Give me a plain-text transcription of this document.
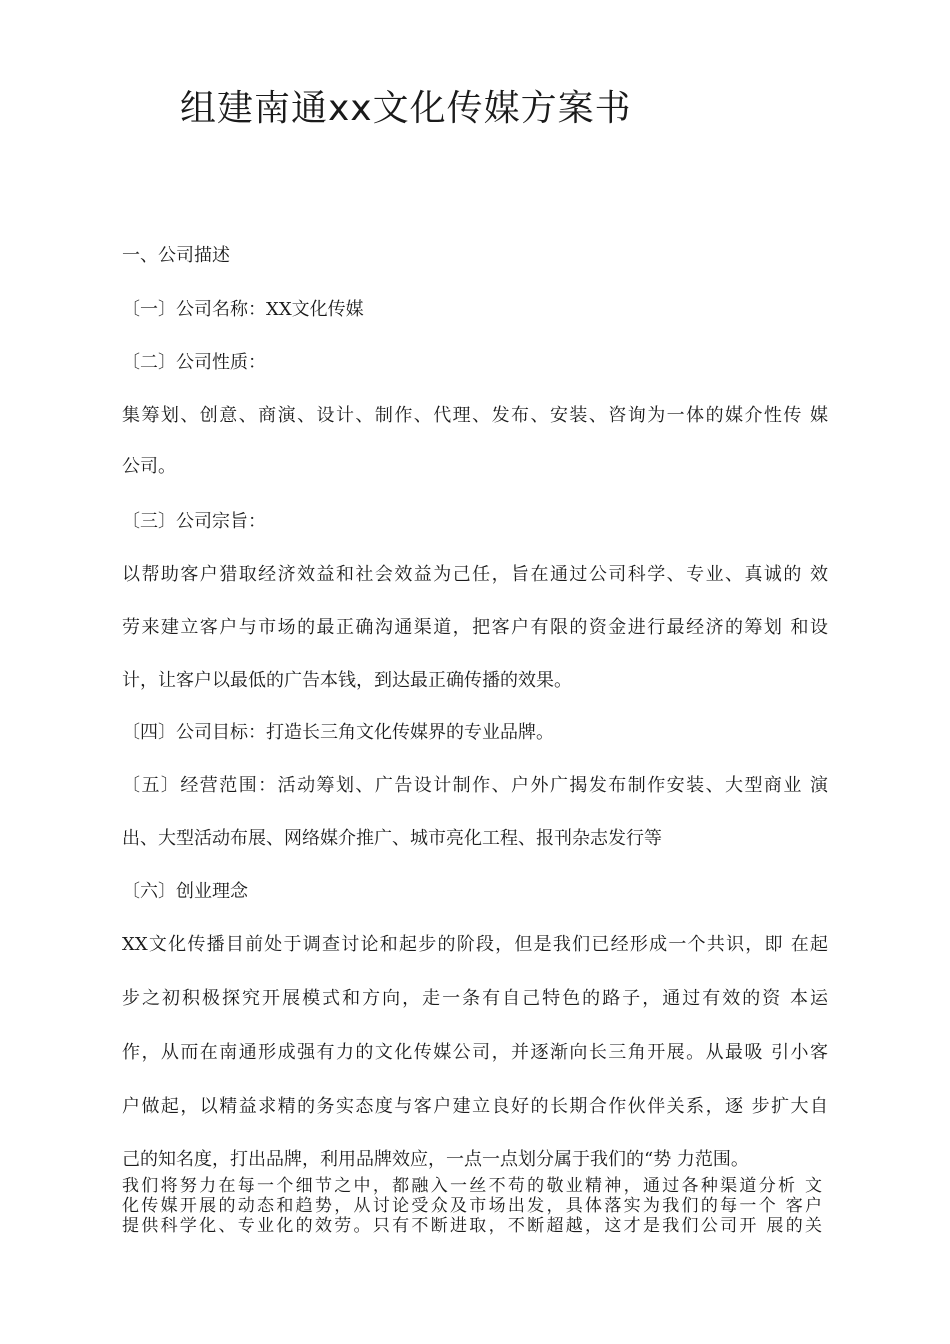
组建南通xx文化传媒方案书
一、公司描述
〔一〕公司名称：XX文化传媒
〔二〕公司性质：
集筹划、创意、商演、设计、制作、代理、发布、安装、咨询为一体的媒介性传 媒
公司。
〔三〕公司宗旨：
以帮助客户猎取经济效益和社会效益为己任，旨在通过公司科学、专业、真诚的 效
劳来建立客户与市场的最正确沟通渠道，把客户有限的资金进行最经济的筹划 和设
计，让客户以最低的广告本钱，到达最正确传播的效果。
〔四〕公司目标：打造长三角文化传媒界的专业品牌。
〔五〕经营范围：活动筹划、广告设计制作、户外广揭发布制作安装、大型商业 演
出、大型活动布展、网络媒介推广、城市亮化工程、报刊杂志发行等
〔六〕创业理念
XX文化传播目前处于调查讨论和起步的阶段，但是我们已经形成一个共识，即 在起
步之初积极探究开展模式和方向，走一条有自己特色的路子，通过有效的资 本运
作，从而在南通形成强有力的文化传媒公司，并逐渐向长三角开展。从最吸 引小客
户做起，以精益求精的务实态度与客户建立良好的长期合作伙伴关系，逐 步扩大自
己的知名度，打出品牌，利用品牌效应，一点一点划分属于我们的“势 力范围。
我们将努力在每一个细节之中，都融入一丝不苟的敬业精神，通过各种渠道分析 文
化传媒开展的动态和趋势，从讨论受众及市场出发，具体落实为我们的每一个 客户
提供科学化、专业化的效劳。只有不断进取，不断超越，这才是我们公司开 展的关
